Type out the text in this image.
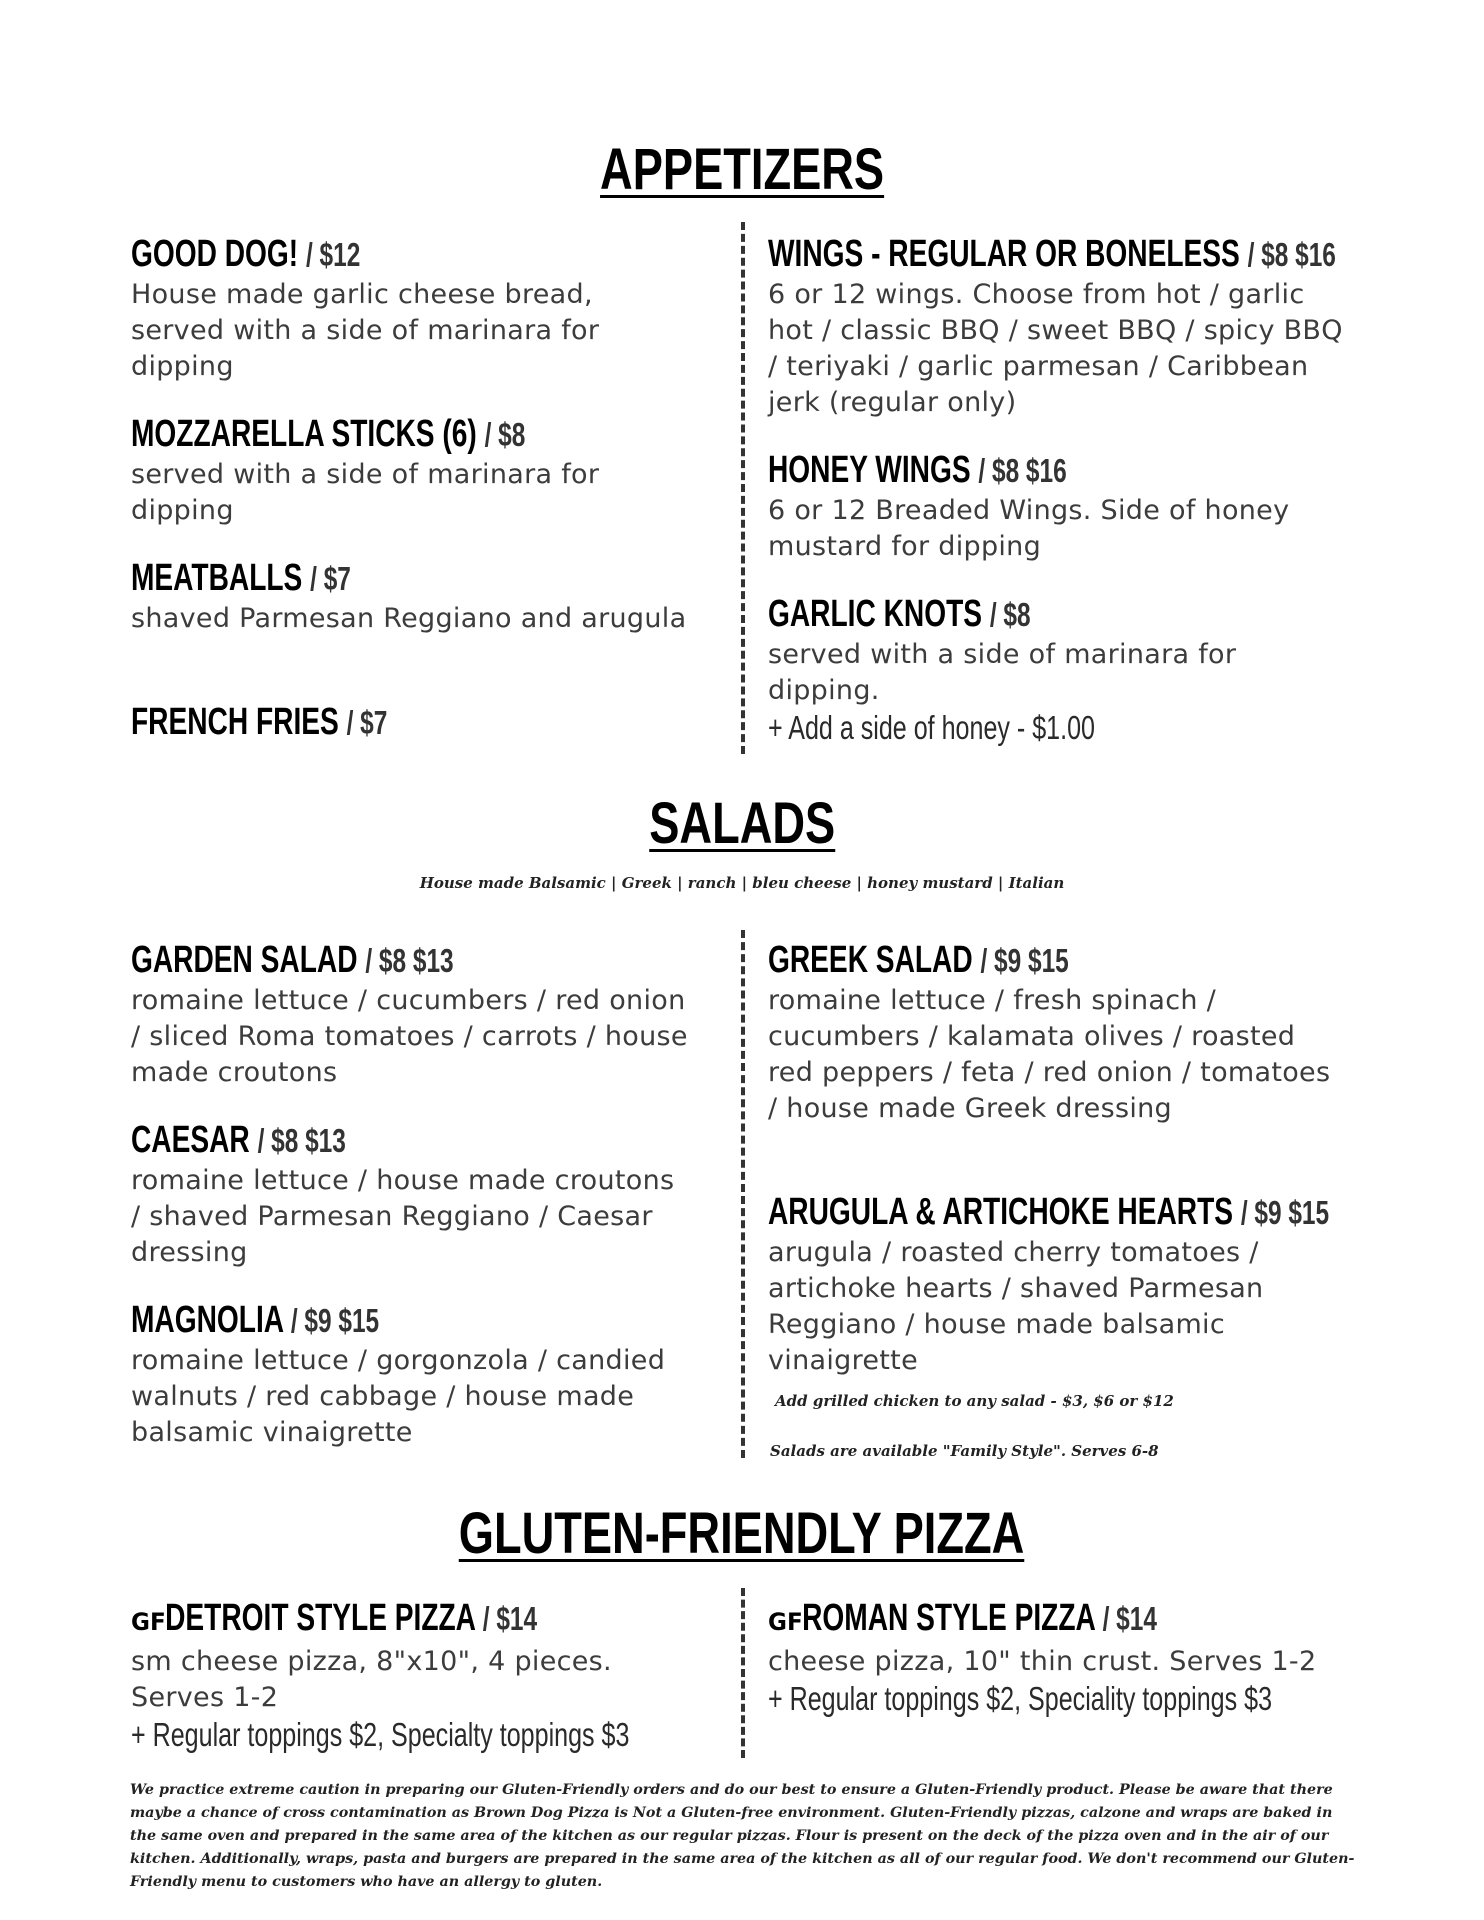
APPETIZERS
GOOD DOG! / $12
House made garlic cheese bread, served with a side of marinara for dipping
MOZZARELLA STICKS (6) / $8
served with a side of marinara for dipping
MEATBALLS / $7
shaved Parmesan Reggiano and arugula
FRENCH FRIES / $7
WINGS - REGULAR OR BONELESS / $8 $16
6 or 12 wings. Choose from hot / garlic hot / classic BBQ / sweet BBQ / spicy BBQ / teriyaki / garlic parmesan / Caribbean jerk (regular only)
HONEY WINGS / $8 $16
6 or 12 Breaded Wings. Side of honey mustard for dipping
GARLIC KNOTS / $8
served with a side of marinara for dipping.
+ Add a side of honey - $1.00
SALADS
House made Balsamic | Greek | ranch | bleu cheese | honey mustard | Italian
GARDEN SALAD / $8 $13
romaine lettuce / cucumbers / red onion / sliced Roma tomatoes / carrots / house made croutons
CAESAR / $8 $13
romaine lettuce / house made croutons / shaved Parmesan Reggiano / Caesar dressing
MAGNOLIA / $9 $15
romaine lettuce / gorgonzola / candied walnuts / red cabbage / house made balsamic vinaigrette
GREEK SALAD / $9 $15
romaine lettuce / fresh spinach / cucumbers / kalamata olives / roasted red peppers / feta / red onion / tomatoes / house made Greek dressing
ARUGULA & ARTICHOKE HEARTS / $9 $15
arugula / roasted cherry tomatoes / artichoke hearts / shaved Parmesan Reggiano / house made balsamic vinaigrette
Add grilled chicken to any salad - $3, $6 or $12
Salads are available "Family Style". Serves 6-8
GLUTEN-FRIENDLY PIZZA
GFDETROIT STYLE PIZZA / $14
sm cheese pizza, 8"x10", 4 pieces. Serves 1-2
+ Regular toppings $2, Specialty toppings $3
GFROMAN STYLE PIZZA / $14
cheese pizza, 10" thin crust. Serves 1-2
+ Regular toppings $2, Speciality toppings $3
We practice extreme caution in preparing our Gluten-Friendly orders and do our best to ensure a Gluten-Friendly product. Please be aware that there maybe a chance of cross contamination as Brown Dog Pizza is Not a Gluten-free environment. Gluten-Friendly pizzas, calzone and wraps are baked in the same oven and prepared in the same area of the kitchen as our regular pizzas. Flour is present on the deck of the pizza oven and in the air of our kitchen. Additionally, wraps, pasta and burgers are prepared in the same area of the kitchen as all of our regular food. We don't recommend our Gluten-Friendly menu to customers who have an allergy to gluten.
